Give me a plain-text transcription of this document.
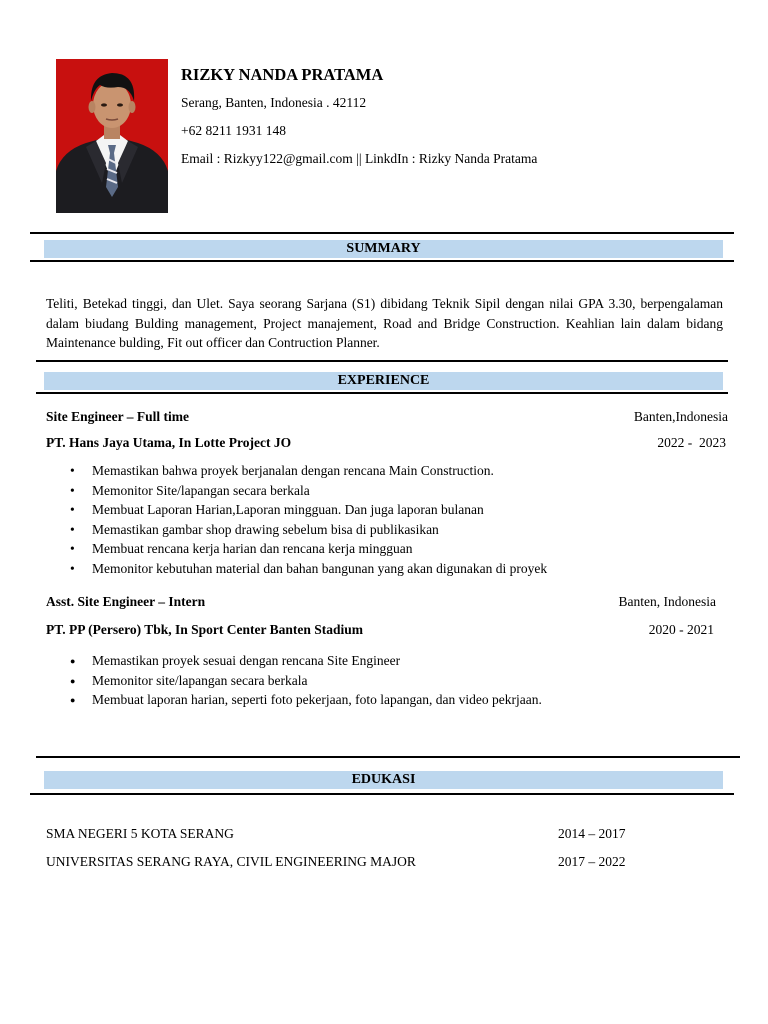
RIZKY NANDA PRATAMA
Serang, Banten, Indonesia . 42112
+62 8211 1931 148
Email : Rizkyy122@gmail.com || LinkdIn : Rizky Nanda Pratama
SUMMARY
Teliti, Betekad tinggi, dan Ulet. Saya seorang Sarjana (S1) dibidang Teknik Sipil dengan nilai GPA 3.30, berpengalaman dalam biudang Bulding management, Project manajement, Road and Bridge Construction. Keahlian lain dalam bidang Maintenance bulding, Fit out officer dan Contruction Planner.
EXPERIENCE
Site Engineer – Full time	Banten,Indonesia
PT. Hans Jaya Utama, In Lotte Project JO	2022 -  2023
• Memastikan bahwa proyek berjanalan dengan rencana Main Construction.
• Memonitor Site/lapangan secara berkala
• Membuat Laporan Harian,Laporan mingguan. Dan juga laporan bulanan
• Memastikan gambar shop drawing sebelum bisa di publikasikan
• Membuat rencana kerja harian dan rencana kerja mingguan
• Memonitor kebutuhan material dan bahan bangunan yang akan digunakan di proyek
Asst. Site Engineer – Intern	Banten, Indonesia
PT. PP (Persero) Tbk, In Sport Center Banten Stadium	2020 - 2021
● Memastikan proyek sesuai dengan rencana Site Engineer
● Memonitor site/lapangan secara berkala
● Membuat laporan harian, seperti foto pekerjaan, foto lapangan, dan video pekrjaan.
EDUKASI
SMA NEGERI 5 KOTA SERANG	2014 – 2017
UNIVERSITAS SERANG RAYA, CIVIL ENGINEERING MAJOR	2017 – 2022
